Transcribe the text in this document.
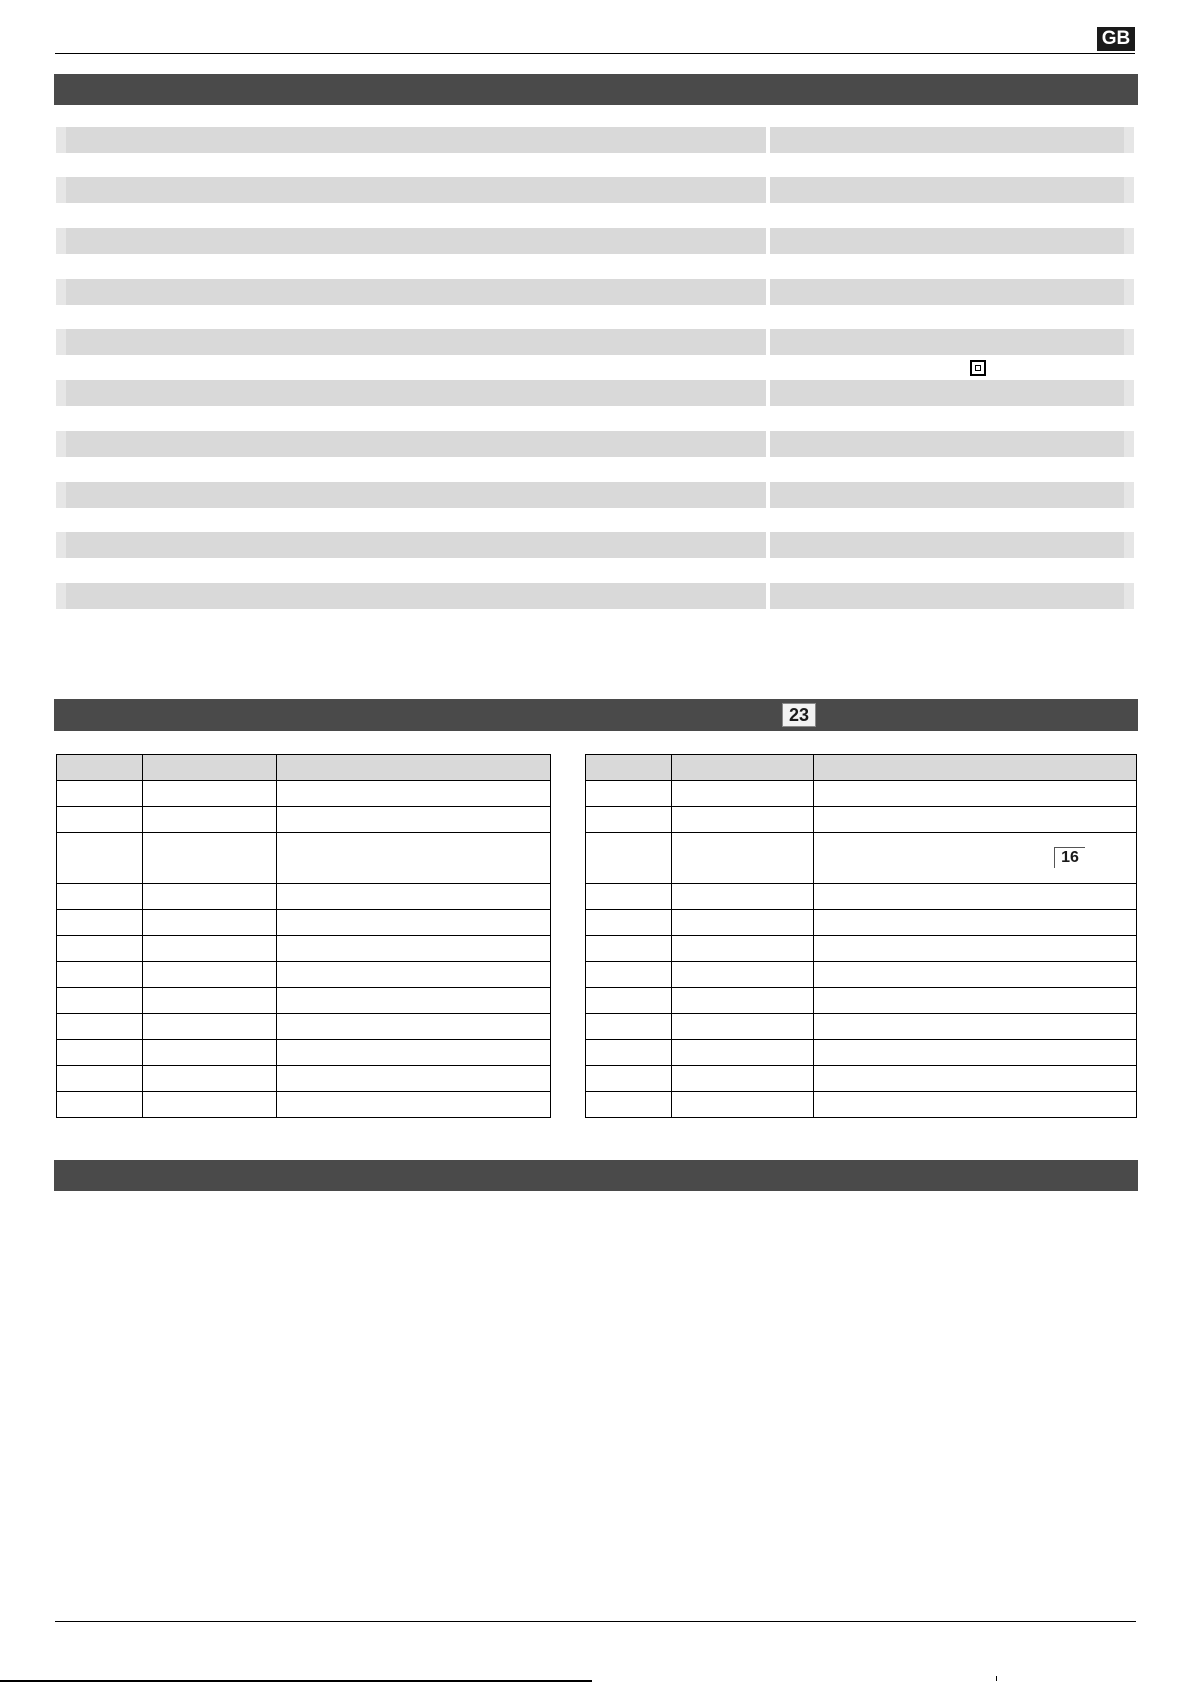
GB
23

16
